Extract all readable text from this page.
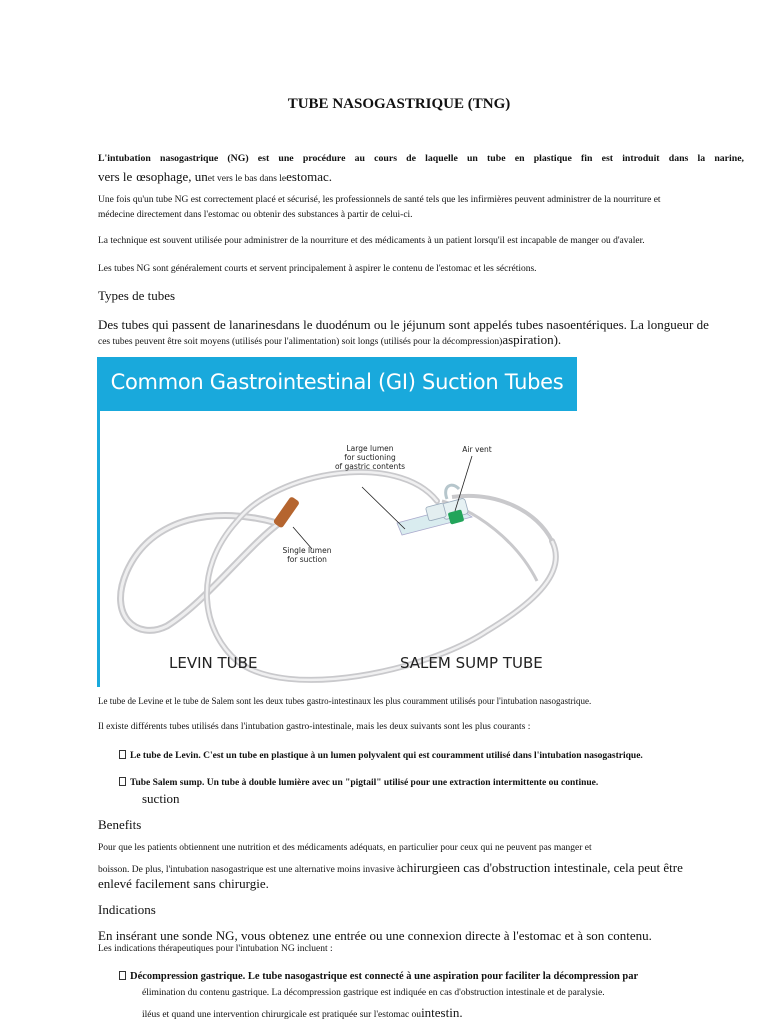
TUBE NASOGASTRIQUE (TNG)
L'intubation nasogastrique (NG) est une procédure au cours de laquelle un tube en plastique fin est introduit dans la narine,
vers le œsophage, unet vers le bas dans leestomac.
Une fois qu'un tube NG est correctement placé et sécurisé, les professionnels de santé tels que les infirmières peuvent administrer de la nourriture et
médecine directement dans l'estomac ou obtenir des substances à partir de celui-ci.
La technique est souvent utilisée pour administrer de la nourriture et des médicaments à un patient lorsqu'il est incapable de manger ou d'avaler.
Les tubes NG sont généralement courts et servent principalement à aspirer le contenu de l'estomac et les sécrétions.
Types de tubes
Des tubes qui passent de lanarinesdans le duodénum ou le jéjunum sont appelés tubes nasoentériques. La longueur de
ces tubes peuvent être soit moyens (utilisés pour l'alimentation) soit longs (utilisés pour la décompression)aspiration).
Common Gastrointestinal (GI) Suction Tubes
Large lumen
for suctioning
of gastric contents
Air vent
Single lumen
for suction
LEVIN TUBE	SALEM SUMP TUBE
Le tube de Levine et le tube de Salem sont les deux tubes gastro-intestinaux les plus couramment utilisés pour l'intubation nasogastrique.
Il existe différents tubes utilisés dans l'intubation gastro-intestinale, mais les deux suivants sont les plus courants :
Le tube de Levin. C'est un tube en plastique à un lumen polyvalent qui est couramment utilisé dans l'intubation nasogastrique.
Tube Salem sump. Un tube à double lumière avec un "pigtail" utilisé pour une extraction intermittente ou continue.
suction
Benefits
Pour que les patients obtiennent une nutrition et des médicaments adéquats, en particulier pour ceux qui ne peuvent pas manger et
boisson. De plus, l'intubation nasogastrique est une alternative moins invasive àchirurgieen cas d'obstruction intestinale, cela peut être
enlevé facilement sans chirurgie.
Indications
En insérant une sonde NG, vous obtenez une entrée ou une connexion directe à l'estomac et à son contenu.
Les indications thérapeutiques pour l'intubation NG incluent :
Décompression gastrique. Le tube nasogastrique est connecté à une aspiration pour faciliter la décompression par
élimination du contenu gastrique. La décompression gastrique est indiquée en cas d'obstruction intestinale et de paralysie.
iléus et quand une intervention chirurgicale est pratiquée sur l'estomac ouintestin.
